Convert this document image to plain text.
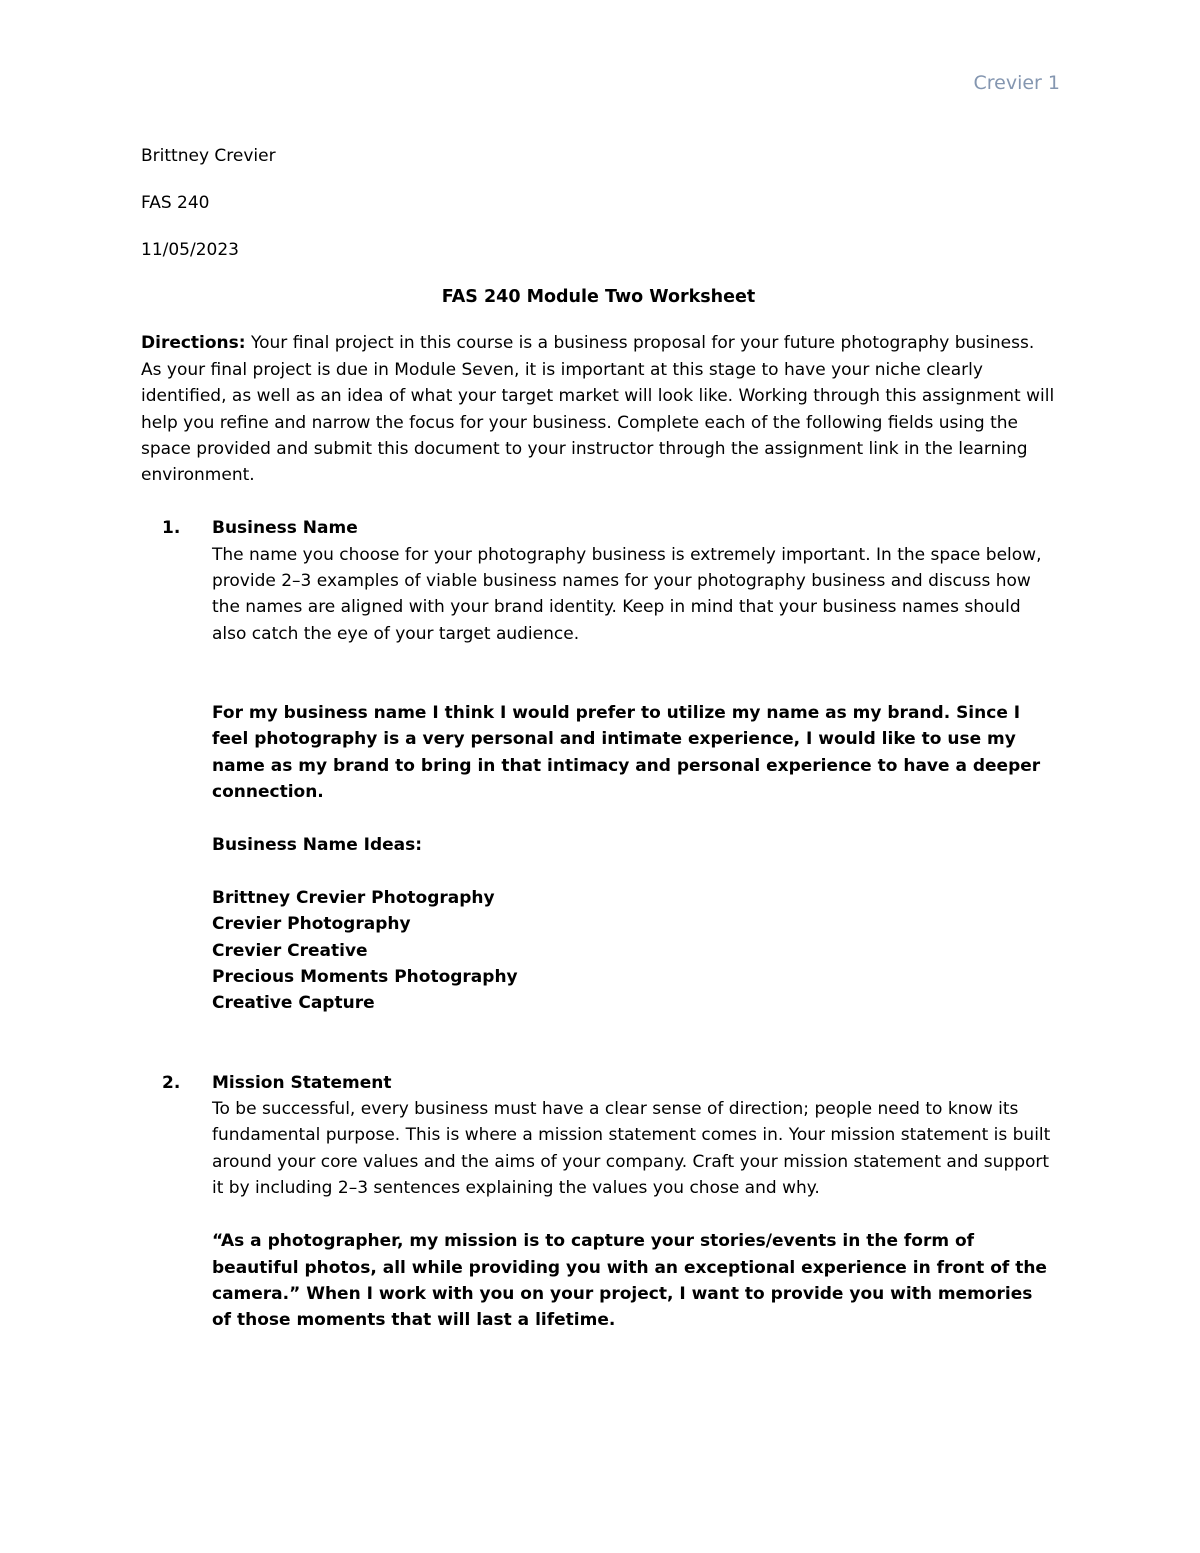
Crevier 1

Brittney Crevier

FAS 240

11/05/2023

FAS 240 Module Two Worksheet

Directions: Your final project in this course is a business proposal for your future photography business. As your final project is due in Module Seven, it is important at this stage to have your niche clearly identified, as well as an idea of what your target market will look like. Working through this assignment will help you refine and narrow the focus for your business. Complete each of the following fields using the space provided and submit this document to your instructor through the assignment link in the learning environment.

1.	Business Name

The name you choose for your photography business is extremely important. In the space below, provide 2–3 examples of viable business names for your photography business and discuss how the names are aligned with your brand identity. Keep in mind that your business names should also catch the eye of your target audience.

For my business name I think I would prefer to utilize my name as my brand. Since I feel photography is a very personal and intimate experience, I would like to use my name as my brand to bring in that intimacy and personal experience to have a deeper connection.

Business Name Ideas:

Brittney Crevier Photography

Crevier Photography

Crevier Creative

Precious Moments Photography

Creative Capture

2.	Mission Statement

To be successful, every business must have a clear sense of direction; people need to know its fundamental purpose. This is where a mission statement comes in. Your mission statement is built around your core values and the aims of your company. Craft your mission statement and support it by including 2–3 sentences explaining the values you chose and why.

“As a photographer, my mission is to capture your stories/events in the form of beautiful photos, all while providing you with an exceptional experience in front of the camera.” When I work with you on your project, I want to provide you with memories of those moments that will last a lifetime.
